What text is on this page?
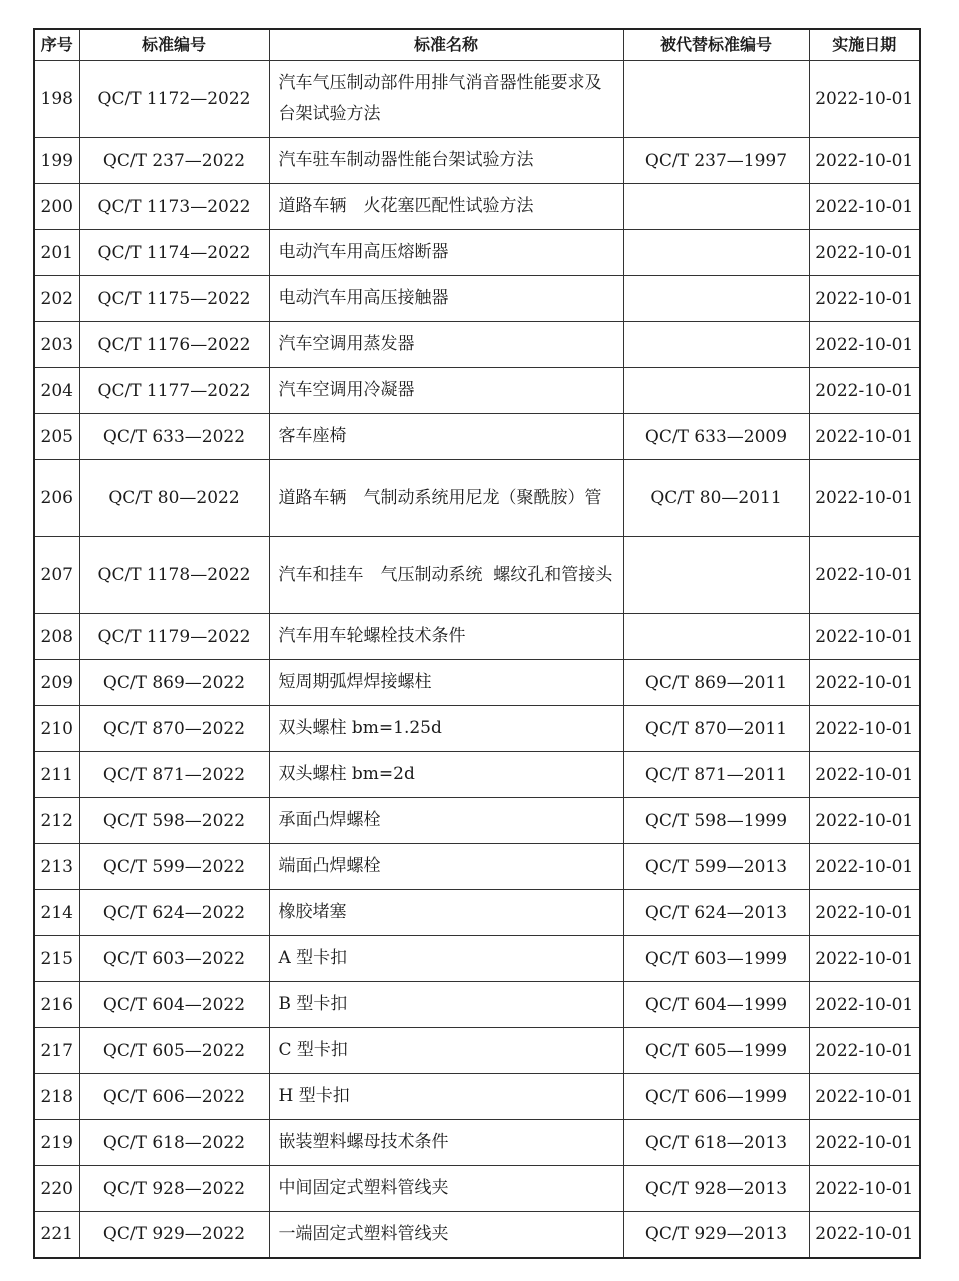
序号	标准编号	标准名称	被代替标准编号	实施日期
198	QC/T 1172—2022	汽车气压制动部件用排气消音器性能要求及台架试验方法		2022-10-01
199	QC/T 237—2022	汽车驻车制动器性能台架试验方法	QC/T 237—1997	2022-10-01
200	QC/T 1173—2022	道路车辆　火花塞匹配性试验方法		2022-10-01
201	QC/T 1174—2022	电动汽车用高压熔断器		2022-10-01
202	QC/T 1175—2022	电动汽车用高压接触器		2022-10-01
203	QC/T 1176—2022	汽车空调用蒸发器		2022-10-01
204	QC/T 1177—2022	汽车空调用冷凝器		2022-10-01
205	QC/T 633—2022	客车座椅	QC/T 633—2009	2022-10-01
206	QC/T 80—2022	道路车辆　气制动系统用尼龙（聚酰胺）管	QC/T 80—2011	2022-10-01
207	QC/T 1178—2022	汽车和挂车　气压制动系统  螺纹孔和管接头		2022-10-01
208	QC/T 1179—2022	汽车用车轮螺栓技术条件		2022-10-01
209	QC/T 869—2022	短周期弧焊焊接螺柱	QC/T 869—2011	2022-10-01
210	QC/T 870—2022	双头螺柱 bm=1.25d	QC/T 870—2011	2022-10-01
211	QC/T 871—2022	双头螺柱 bm=2d	QC/T 871—2011	2022-10-01
212	QC/T 598—2022	承面凸焊螺栓	QC/T 598—1999	2022-10-01
213	QC/T 599—2022	端面凸焊螺栓	QC/T 599—2013	2022-10-01
214	QC/T 624—2022	橡胶堵塞	QC/T 624—2013	2022-10-01
215	QC/T 603—2022	A 型卡扣	QC/T 603—1999	2022-10-01
216	QC/T 604—2022	B 型卡扣	QC/T 604—1999	2022-10-01
217	QC/T 605—2022	C 型卡扣	QC/T 605—1999	2022-10-01
218	QC/T 606—2022	H 型卡扣	QC/T 606—1999	2022-10-01
219	QC/T 618—2022	嵌装塑料螺母技术条件	QC/T 618—2013	2022-10-01
220	QC/T 928—2022	中间固定式塑料管线夹	QC/T 928—2013	2022-10-01
221	QC/T 929—2022	一端固定式塑料管线夹	QC/T 929—2013	2022-10-01
